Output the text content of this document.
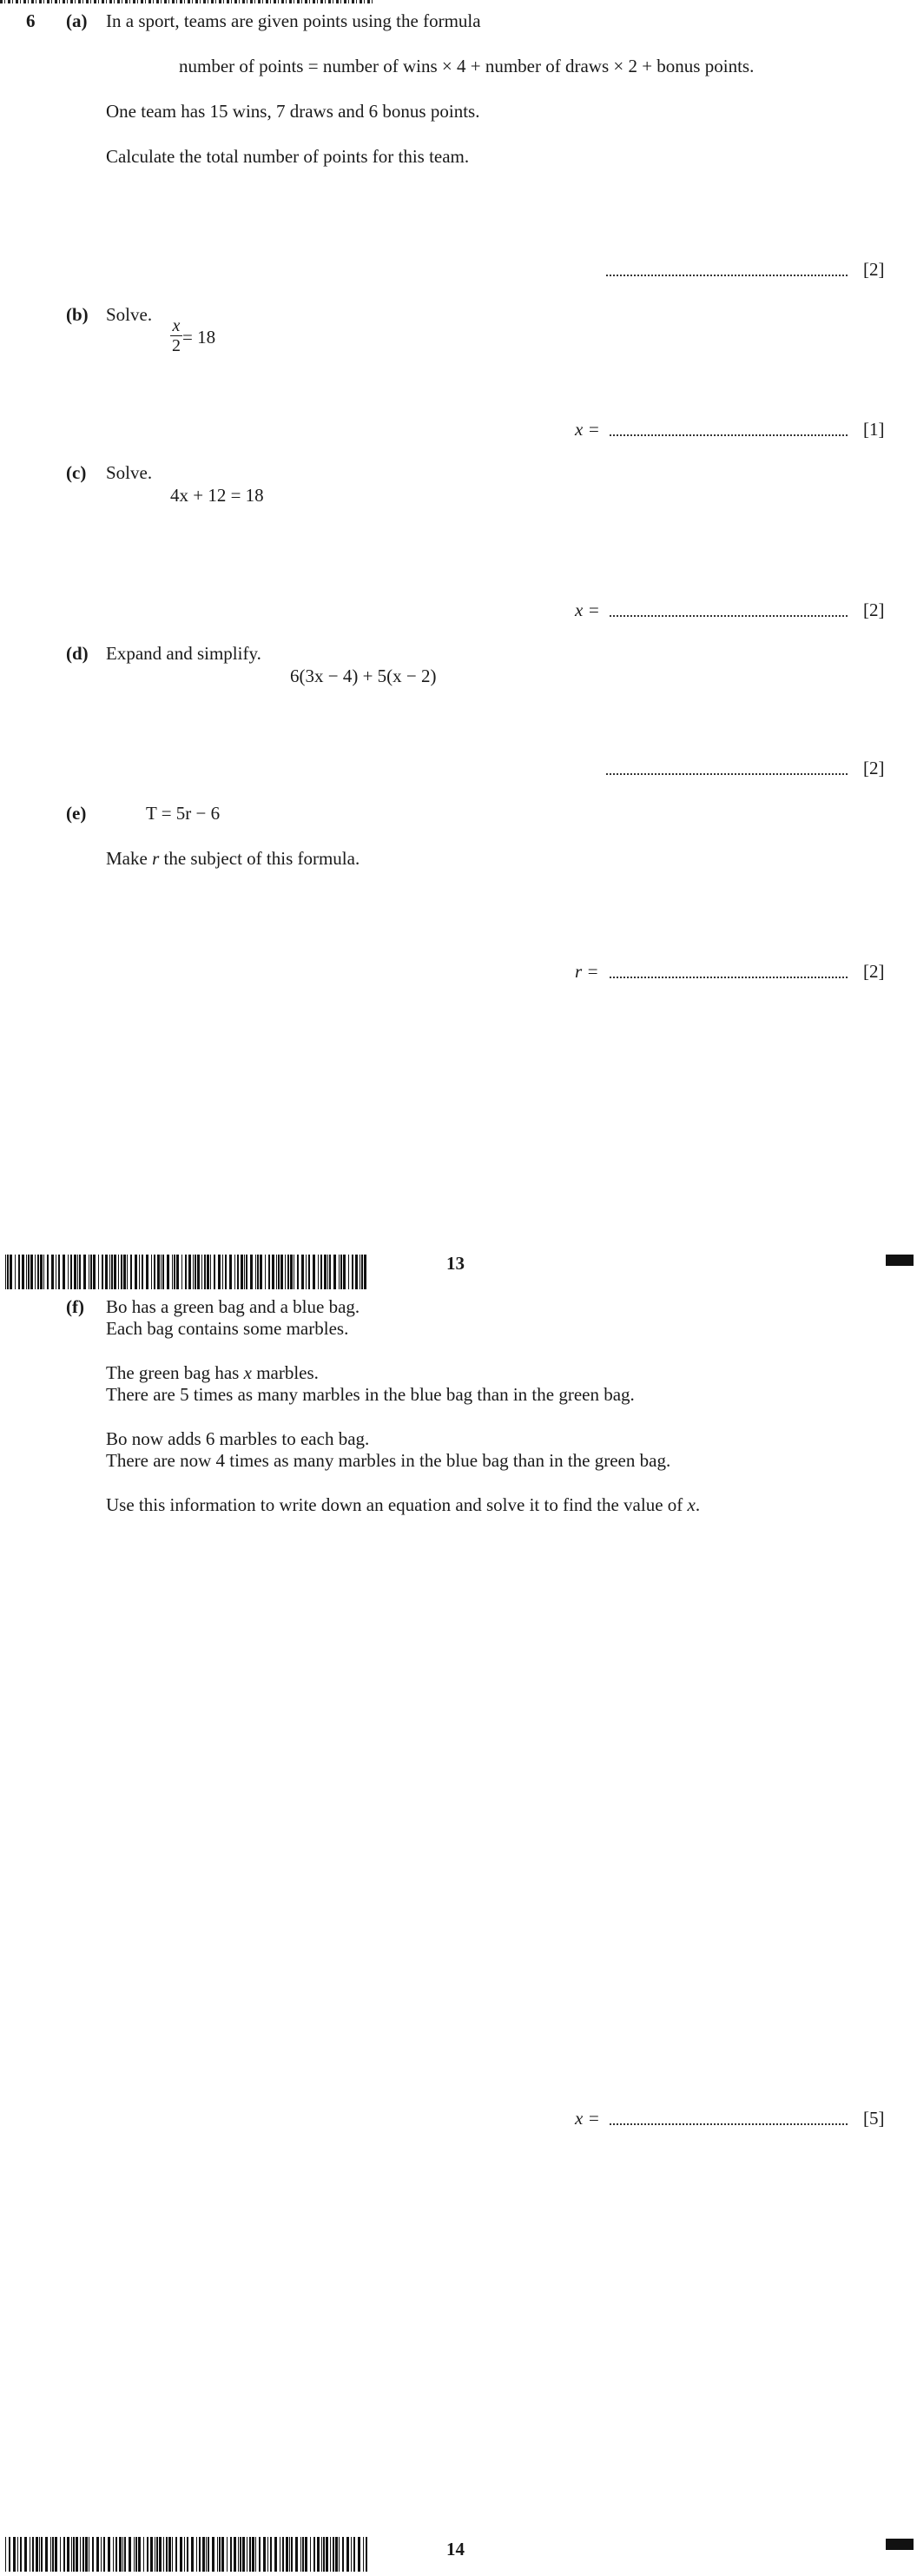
6 (a) In a sport, teams are given points using the formula
number of points = number of wins × 4 + number of draws × 2 + bonus points.
One team has 15 wins, 7 draws and 6 bonus points.
Calculate the total number of points for this team.
[2]
(b) Solve.
x
2 = 18
x =	[1]
(c) Solve.
4x + 12 = 18
x =	[2]
(d) Expand and simplify.
6(3x − 4) + 5(x − 2)
[2]
(e)	T = 5r − 6
Make r the subject of this formula.
r =	[2]
13
(f) Bo has a green bag and a blue bag.
Each bag contains some marbles.
The green bag has x marbles.
There are 5 times as many marbles in the blue bag than in the green bag.
Bo now adds 6 marbles to each bag.
There are now 4 times as many marbles in the blue bag than in the green bag.
Use this information to write down an equation and solve it to find the value of x.
x =	[5]
14
